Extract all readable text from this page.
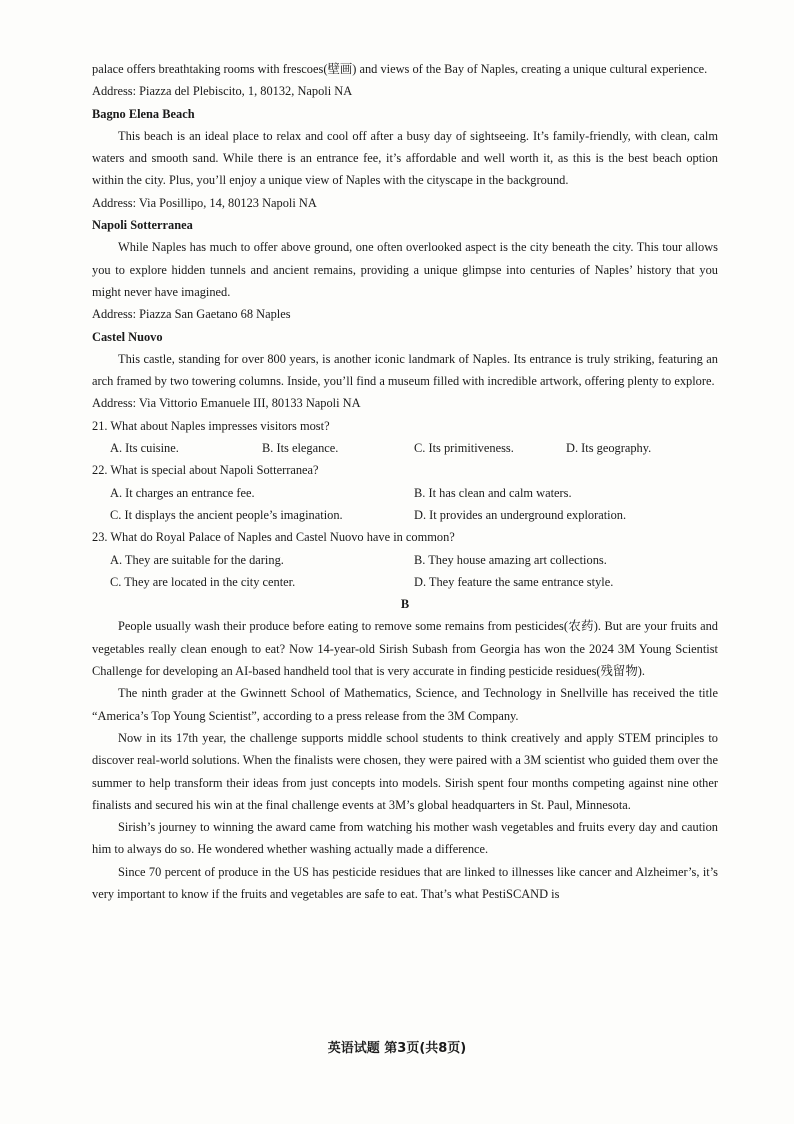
palace offers breathtaking rooms with frescoes(壁画) and views of the Bay of Naples, creating a unique cultural experience.

Address: Piazza del Plebiscito, 1, 80132, Napoli NA

Bagno Elena Beach

This beach is an ideal place to relax and cool off after a busy day of sightseeing. It’s family-friendly, with clean, calm waters and smooth sand. While there is an entrance fee, it’s affordable and well worth it, as this is the best beach option within the city. Plus, you’ll enjoy a unique view of Naples with the cityscape in the background.

Address: Via Posillipo, 14, 80123 Napoli NA

Napoli Sotterranea

While Naples has much to offer above ground, one often overlooked aspect is the city beneath the city. This tour allows you to explore hidden tunnels and ancient remains, providing a unique glimpse into centuries of Naples’ history that you might never have imagined.

Address: Piazza San Gaetano 68 Naples

Castel Nuovo

This castle, standing for over 800 years, is another iconic landmark of Naples. Its entrance is truly striking, featuring an arch framed by two towering columns. Inside, you’ll find a museum filled with incredible artwork, offering plenty to explore.

Address: Via Vittorio Emanuele III, 80133 Napoli NA

21. What about Naples impresses visitors most?

A. Its cuisine.	B. Its elegance.	C. Its primitiveness.	D. Its geography.

22. What is special about Napoli Sotterranea?

A. It charges an entrance fee.	B. It has clean and calm waters.
C. It displays the ancient people’s imagination.	D. It provides an underground exploration.

23. What do Royal Palace of Naples and Castel Nuovo have in common?

A. They are suitable for the daring.	B. They house amazing art collections.
C. They are located in the city center.	D. They feature the same entrance style.

B

People usually wash their produce before eating to remove some remains from pesticides(农药). But are your fruits and vegetables really clean enough to eat? Now 14-year-old Sirish Subash from Georgia has won the 2024 3M Young Scientist Challenge for developing an AI-based handheld tool that is very accurate in finding pesticide residues(残留物).

The ninth grader at the Gwinnett School of Mathematics, Science, and Technology in Snellville has received the title “America’s Top Young Scientist”, according to a press release from the 3M Company.

Now in its 17th year, the challenge supports middle school students to think creatively and apply STEM principles to discover real-world solutions. When the finalists were chosen, they were paired with a 3M scientist who guided them over the summer to help transform their ideas from just concepts into models. Sirish spent four months competing against nine other finalists and secured his win at the final challenge events at 3M’s global headquarters in St. Paul, Minnesota.

Sirish’s journey to winning the award came from watching his mother wash vegetables and fruits every day and caution him to always do so. He wondered whether washing actually made a difference.

Since 70 percent of produce in the US has pesticide residues that are linked to illnesses like cancer and Alzheimer’s, it’s very important to know if the fruits and vegetables are safe to eat. That’s what PestiSCAND is

英语试题 第3页(共8页)
